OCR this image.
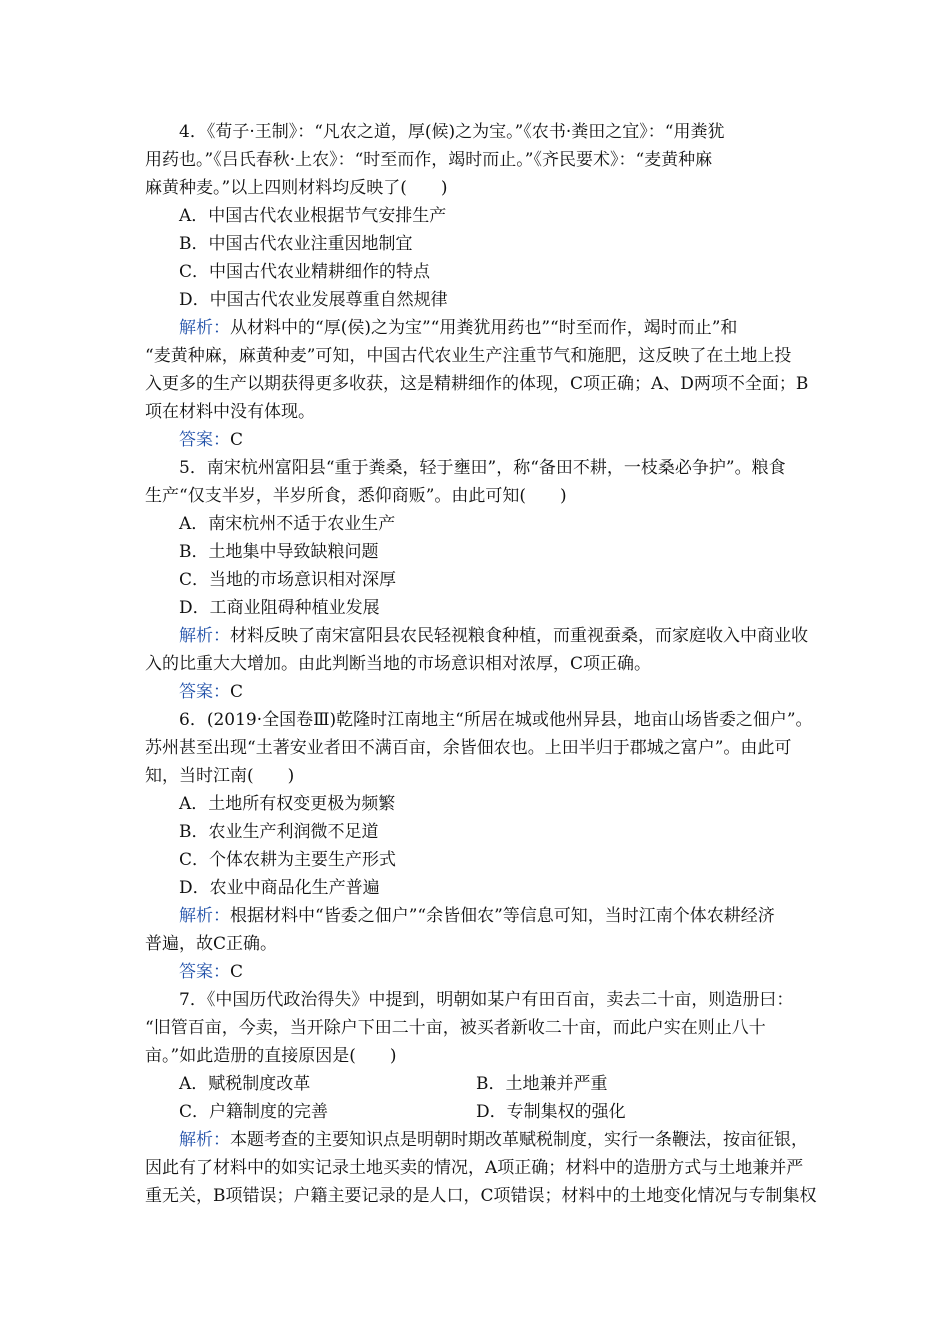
4．《荀子·王制》：“凡农之道，厚(候)之为宝。”《农书·粪田之宜》：“用粪犹
用药也。”《吕氏春秋·上农》：“时至而作，竭时而止。”《齐民要术》：“麦黄种麻
麻黄种麦。”以上四则材料均反映了(　　)
A．中国古代农业根据节气安排生产
B．中国古代农业注重因地制宜
C．中国古代农业精耕细作的特点
D．中国古代农业发展尊重自然规律
解析：从材料中的“厚(侯)之为宝”“用粪犹用药也”“时至而作，竭时而止”和
“麦黄种麻，麻黄种麦”可知，中国古代农业生产注重节气和施肥，这反映了在土地上投
入更多的生产以期获得更多收获，这是精耕细作的体现，C项正确；A、D两项不全面；B
项在材料中没有体现。
答案：C
5．南宋杭州富阳县“重于粪桑，轻于壅田”，称“备田不耕，一枝桑必争护”。粮食
生产“仅支半岁，半岁所食，悉仰商贩”。由此可知(　　)
A．南宋杭州不适于农业生产
B．土地集中导致缺粮问题
C．当地的市场意识相对深厚
D．工商业阻碍种植业发展
解析：材料反映了南宋富阳县农民轻视粮食种植，而重视蚕桑，而家庭收入中商业收
入的比重大大增加。由此判断当地的市场意识相对浓厚，C项正确。
答案：C
6．(2019·全国卷Ⅲ)乾隆时江南地主“所居在城或他州异县，地亩山场皆委之佃户”。
苏州甚至出现“土著安业者田不满百亩，余皆佃农也。上田半归于郡城之富户”。由此可
知，当时江南(　　)
A．土地所有权变更极为频繁
B．农业生产利润微不足道
C．个体农耕为主要生产形式
D．农业中商品化生产普遍
解析：根据材料中“皆委之佃户”“余皆佃农”等信息可知，当时江南个体农耕经济
普遍，故C正确。
答案：C
7．《中国历代政治得失》中提到，明朝如某户有田百亩，卖去二十亩，则造册曰：
“旧管百亩，今卖，当开除户下田二十亩，被买者新收二十亩，而此户实在则止八十
亩。”如此造册的直接原因是(　　)
A．赋税制度改革	B．土地兼并严重
C．户籍制度的完善	D．专制集权的强化
解析：本题考查的主要知识点是明朝时期改革赋税制度，实行一条鞭法，按亩征银，
因此有了材料中的如实记录土地买卖的情况，A项正确；材料中的造册方式与土地兼并严
重无关，B项错误；户籍主要记录的是人口，C项错误；材料中的土地变化情况与专制集权
